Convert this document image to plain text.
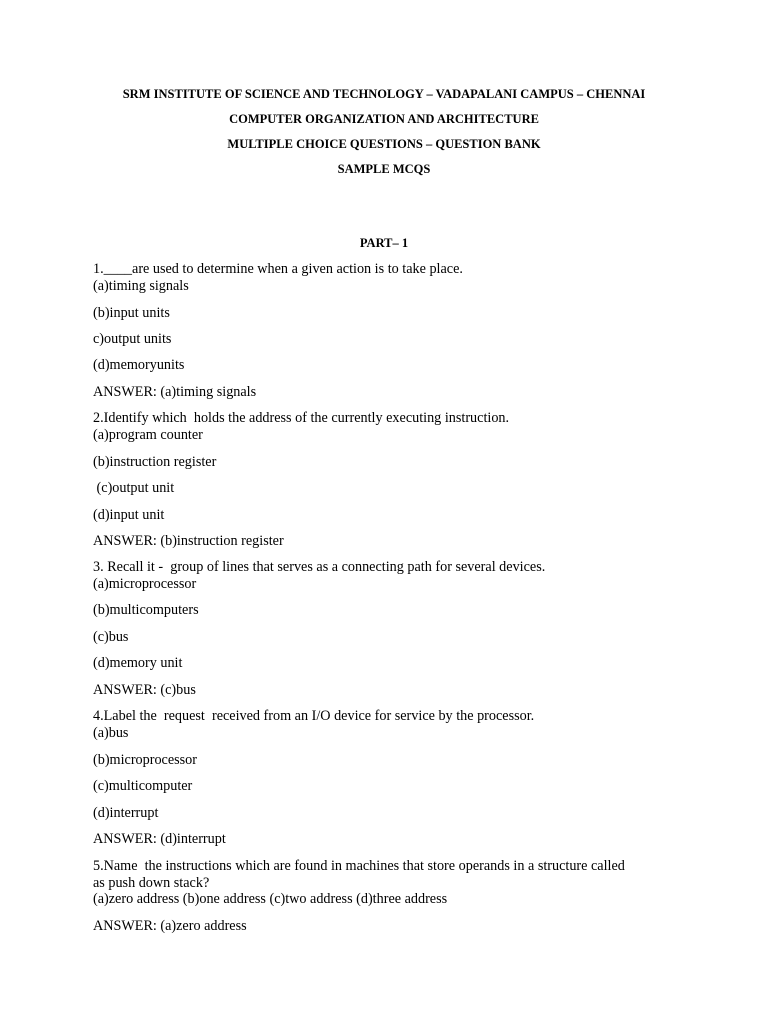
SRM INSTITUTE OF SCIENCE AND TECHNOLOGY – VADAPALANI CAMPUS – CHENNAI
COMPUTER ORGANIZATION AND ARCHITECTURE
MULTIPLE CHOICE QUESTIONS – QUESTION BANK
SAMPLE MCQS
PART– 1
1.____are used to determine when a given action is to take place.
(a)timing signals
(b)input units
c)output units
(d)memoryunits
ANSWER: (a)timing signals
2.Identify which  holds the address of the currently executing instruction.
(a)program counter
(b)instruction register
(c)output unit
(d)input unit
ANSWER: (b)instruction register
3. Recall it -  group of lines that serves as a connecting path for several devices.
(a)microprocessor
(b)multicomputers
(c)bus
(d)memory unit
ANSWER: (c)bus
4.Label the  request  received from an I/O device for service by the processor.
(a)bus
(b)microprocessor
(c)multicomputer
(d)interrupt
ANSWER: (d)interrupt
5.Name  the instructions which are found in machines that store operands in a structure called
as push down stack?
(a)zero address (b)one address (c)two address (d)three address
ANSWER: (a)zero address
